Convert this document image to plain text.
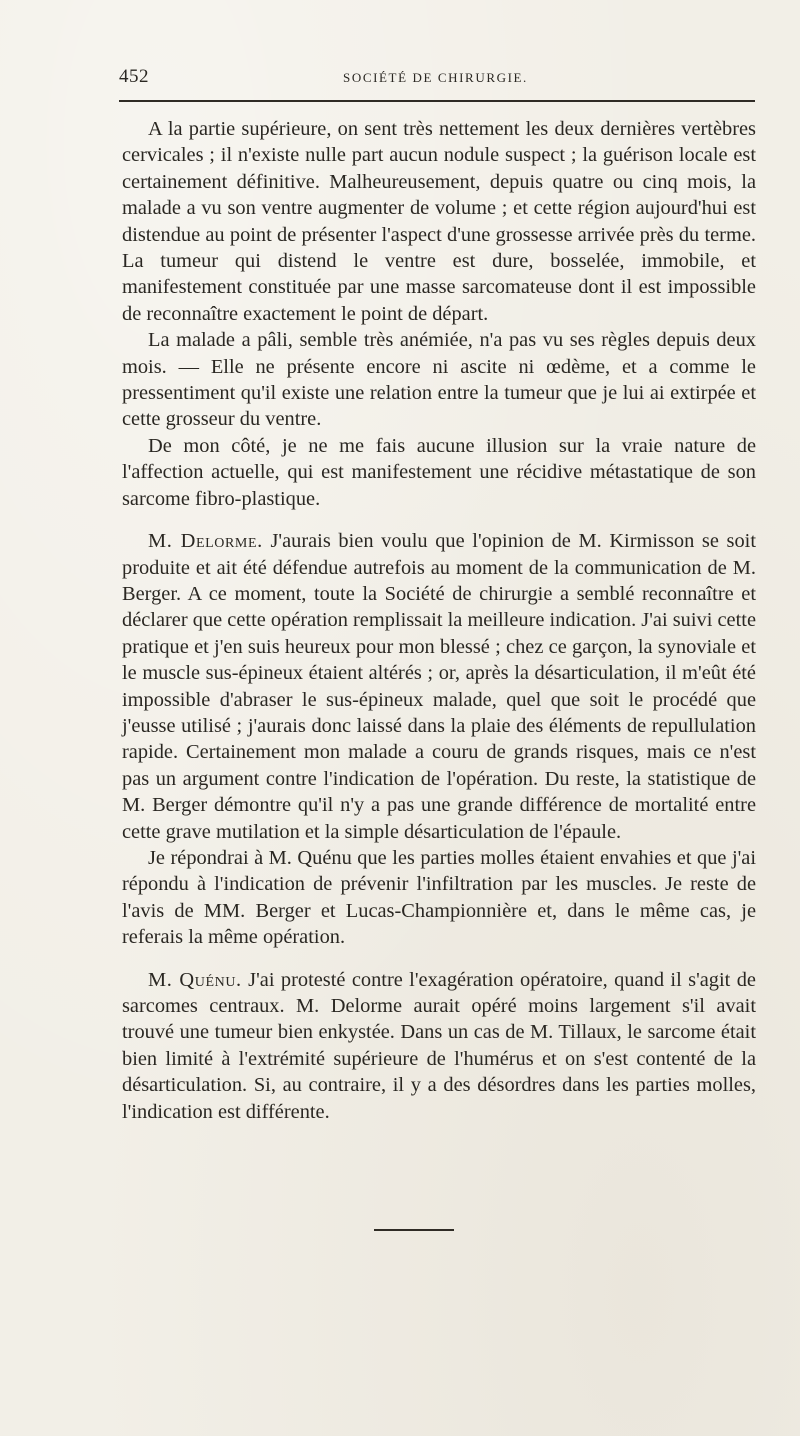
452	SOCIÉTÉ DE CHIRURGIE.

A la partie supérieure, on sent très nettement les deux dernières vertèbres cervicales ; il n'existe nulle part aucun nodule suspect ; la guérison locale est certainement définitive. Malheureusement, depuis quatre ou cinq mois, la malade a vu son ventre augmenter de volume ; et cette région aujourd'hui est distendue au point de présenter l'aspect d'une grossesse arrivée près du terme. La tumeur qui distend le ventre est dure, bosselée, immobile, et manifestement constituée par une masse sarcomateuse dont il est impossible de reconnaître exactement le point de départ.

La malade a pâli, semble très anémiée, n'a pas vu ses règles depuis deux mois. — Elle ne présente encore ni ascite ni œdème, et a comme le pressentiment qu'il existe une relation entre la tumeur que je lui ai extirpée et cette grosseur du ventre.

De mon côté, je ne me fais aucune illusion sur la vraie nature de l'affection actuelle, qui est manifestement une récidive métastatique de son sarcome fibro-plastique.

M. Delorme. J'aurais bien voulu que l'opinion de M. Kirmisson se soit produite et ait été défendue autrefois au moment de la communication de M. Berger. A ce moment, toute la Société de chirurgie a semblé reconnaître et déclarer que cette opération remplissait la meilleure indication. J'ai suivi cette pratique et j'en suis heureux pour mon blessé ; chez ce garçon, la synoviale et le muscle sus-épineux étaient altérés ; or, après la désarticulation, il m'eût été impossible d'abraser le sus-épineux malade, quel que soit le procédé que j'eusse utilisé ; j'aurais donc laissé dans la plaie des éléments de repullulation rapide. Certainement mon malade a couru de grands risques, mais ce n'est pas un argument contre l'indication de l'opération. Du reste, la statistique de M. Berger démontre qu'il n'y a pas une grande différence de mortalité entre cette grave mutilation et la simple désarticulation de l'épaule.

Je répondrai à M. Quénu que les parties molles étaient envahies et que j'ai répondu à l'indication de prévenir l'infiltration par les muscles. Je reste de l'avis de MM. Berger et Lucas-Championnière et, dans le même cas, je referais la même opération.

M. Quénu. J'ai protesté contre l'exagération opératoire, quand il s'agit de sarcomes centraux. M. Delorme aurait opéré moins largement s'il avait trouvé une tumeur bien enkystée. Dans un cas de M. Tillaux, le sarcome était bien limité à l'extrémité supérieure de l'humérus et on s'est contenté de la désarticulation. Si, au contraire, il y a des désordres dans les parties molles, l'indication est différente.
